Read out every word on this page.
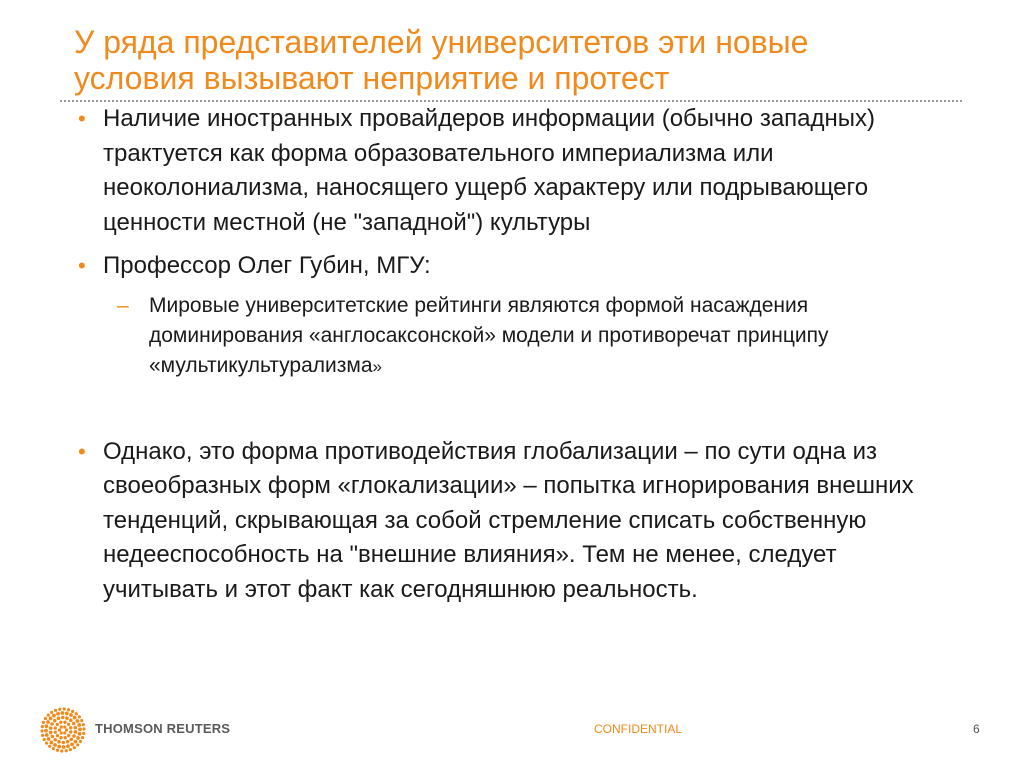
У ряда представителей университетов эти новые
условия вызывают неприятие и протест
• Наличие иностранных провайдеров информации (обычно западных) трактуется как форма образовательного империализма или неоколониализма, наносящего ущерб характеру или подрывающего ценности местной (не "западной") культуры
• Профессор Олег Губин, МГУ:
– Мировые университетские рейтинги являются формой насаждения доминирования «англосаксонской» модели и противоречат принципу «мультикультурализма»
• Однако, это форма противодействия глобализации – по сути одна из своеобразных форм «глокализации» – попытка игнорирования внешних тенденций, скрывающая за собой стремление списать собственную недееспособность на "внешние влияния». Тем не менее, следует учитывать и этот факт как сегодняшнюю реальность.
THOMSON REUTERS	CONFIDENTIAL	6
